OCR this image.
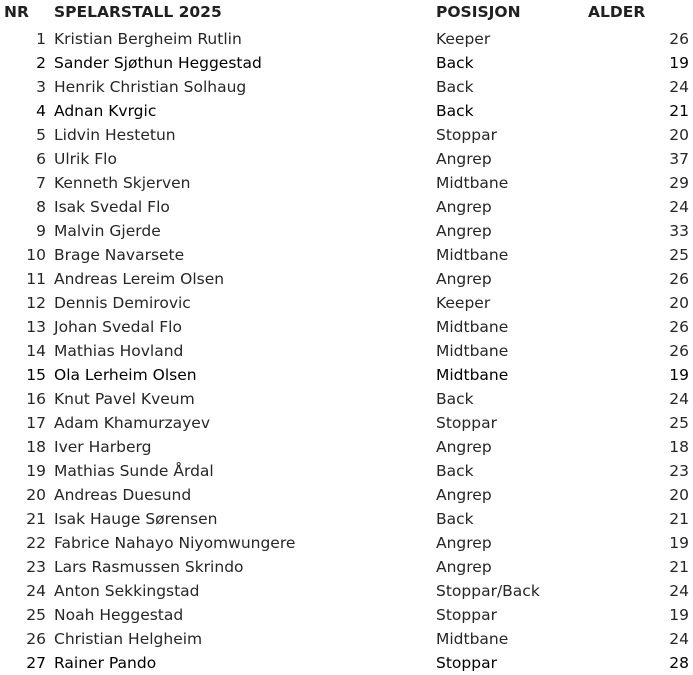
NR SPELARSTALL 2025	POSISJON	ALDER
1 Kristian Bergheim Rutlin	Keeper	26
2 Sander Sjøthun Heggestad	Back	19
3 Henrik Christian Solhaug	Back	24
4 Adnan Kvrgic	Back	21
5 Lidvin Hestetun	Stoppar	20
6 Ulrik Flo	Angrep	37
7 Kenneth Skjerven	Midtbane	29
8 Isak Svedal Flo	Angrep	24
9 Malvin Gjerde	Angrep	33
10 Brage Navarsete	Midtbane	25
11 Andreas Lereim Olsen	Angrep	26
12 Dennis Demirovic	Keeper	20
13 Johan Svedal Flo	Midtbane	26
14 Mathias Hovland	Midtbane	26
15 Ola Lerheim Olsen	Midtbane	19
16 Knut Pavel Kveum	Back	24
17 Adam Khamurzayev	Stoppar	25
18 Iver Harberg	Angrep	18
19 Mathias Sunde Årdal	Back	23
20 Andreas Duesund	Angrep	20
21 Isak Hauge Sørensen	Back	21
22 Fabrice Nahayo Niyomwungere	Angrep	19
23 Lars Rasmussen Skrindo	Angrep	21
24 Anton Sekkingstad	Stoppar/Back	24
25 Noah Heggestad	Stoppar	19
26 Christian Helgheim	Midtbane	24
27 Rainer Pando	Stoppar	28
